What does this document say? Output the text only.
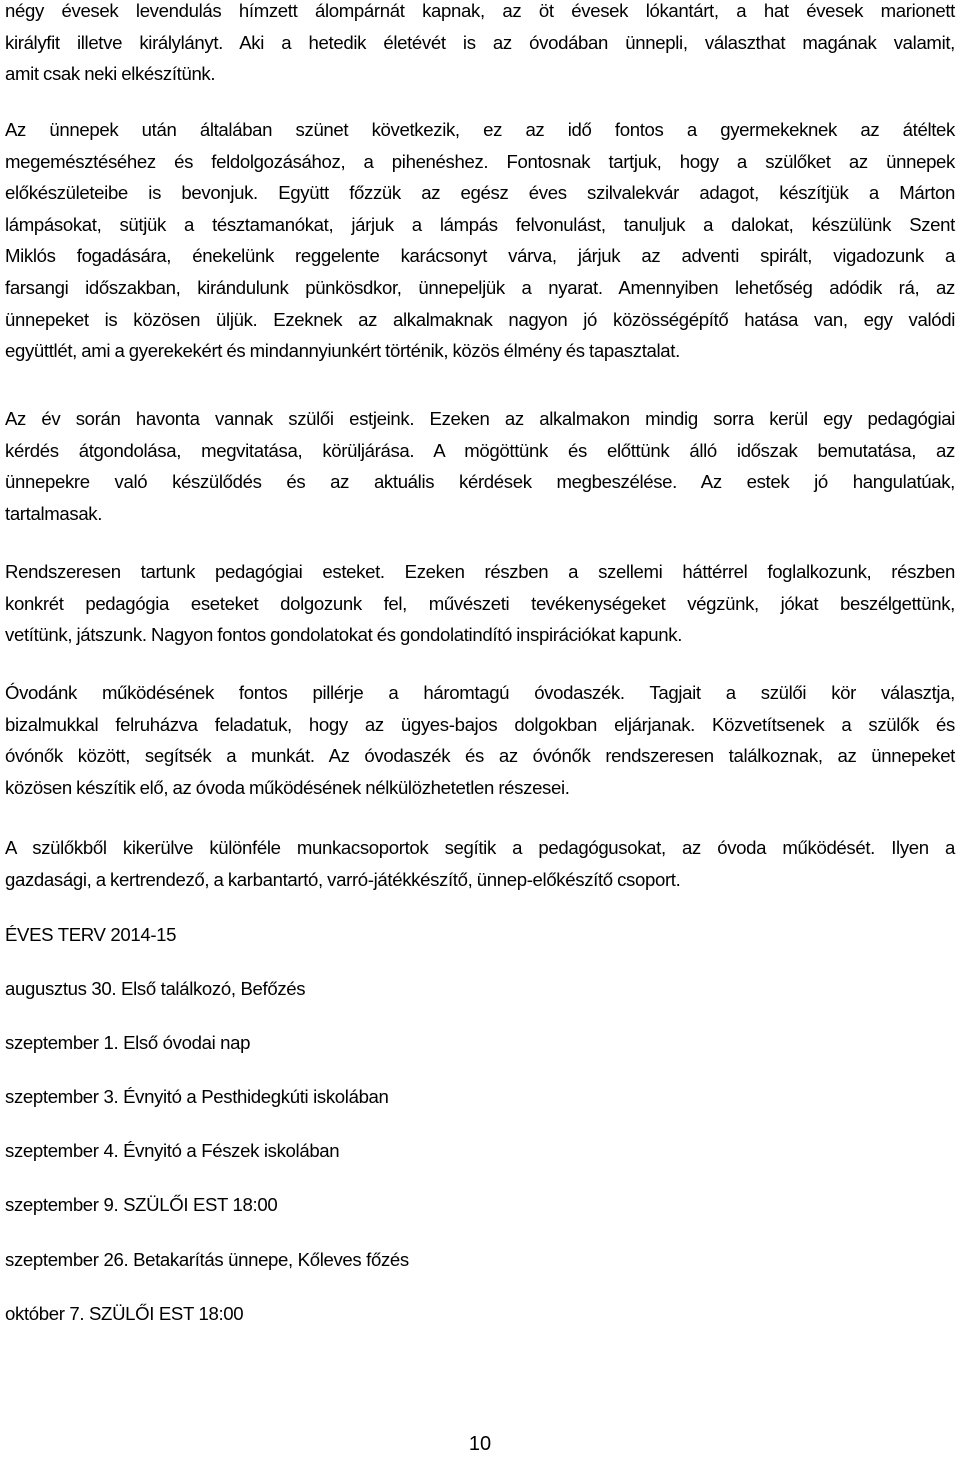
négy évesek levendulás hímzett álompárnát kapnak, az öt évesek lókantárt, a hat évesek marionett
királyfit illetve királylányt. Aki a hetedik életévét is az óvodában ünnepli, választhat magának valamit,
amit csak neki elkészítünk.
Az ünnepek után általában szünet következik, ez az idő fontos a gyermekeknek az átéltek
megemésztéséhez és feldolgozásához, a pihenéshez. Fontosnak tartjuk, hogy a szülőket az ünnepek
előkészületeibe is bevonjuk. Együtt főzzük az egész éves szilvalekvár adagot, készítjük a Márton
lámpásokat, sütjük a tésztamanókat, járjuk a lámpás felvonulást, tanuljuk a dalokat, készülünk Szent
Miklós fogadására, énekelünk reggelente karácsonyt várva, járjuk az adventi spirált, vigadozunk a
farsangi időszakban, kirándulunk pünkösdkor, ünnepeljük a nyarat. Amennyiben lehetőség adódik rá, az
ünnepeket is közösen üljük. Ezeknek az alkalmaknak nagyon jó közösségépítő hatása van, egy valódi
együttlét, ami a gyerekekért és mindannyiunkért történik, közös élmény és tapasztalat.
Az év során havonta vannak szülői estjeink. Ezeken az alkalmakon mindig sorra kerül egy pedagógiai
kérdés átgondolása, megvitatása, körüljárása. A mögöttünk és előttünk álló időszak bemutatása, az
ünnepekre való készülődés és az aktuális kérdések megbeszélése. Az estek jó hangulatúak,
tartalmasak.
Rendszeresen tartunk pedagógiai esteket. Ezeken részben a szellemi háttérrel foglalkozunk, részben
konkrét pedagógia eseteket dolgozunk fel, művészeti tevékenységeket végzünk, jókat beszélgettünk,
vetítünk, játszunk. Nagyon fontos gondolatokat és gondolatindító inspirációkat kapunk.
Óvodánk működésének fontos pillérje a háromtagú óvodaszék. Tagjait a szülői kör választja,
bizalmukkal felruházva feladatuk, hogy az ügyes-bajos dolgokban eljárjanak. Közvetítsenek a szülők és
óvónők között, segítsék a munkát. Az óvodaszék és az óvónők rendszeresen találkoznak, az ünnepeket
közösen készítik elő, az óvoda működésének nélkülözhetetlen részesei.
A szülőkből kikerülve különféle munkacsoportok segítik a pedagógusokat, az óvoda működését. Ilyen a
gazdasági, a kertrendező, a karbantartó, varró-játékkészítő, ünnep-előkészítő csoport.
ÉVES TERV 2014-15
augusztus 30. Első találkozó, Befőzés
szeptember 1. Első óvodai nap
szeptember 3. Évnyitó a Pesthidegkúti iskolában
szeptember 4. Évnyitó a Fészek iskolában
szeptember 9. SZÜLŐI EST 18:00
szeptember 26. Betakarítás ünnepe, Kőleves főzés
október 7. SZÜLŐI EST 18:00
10
